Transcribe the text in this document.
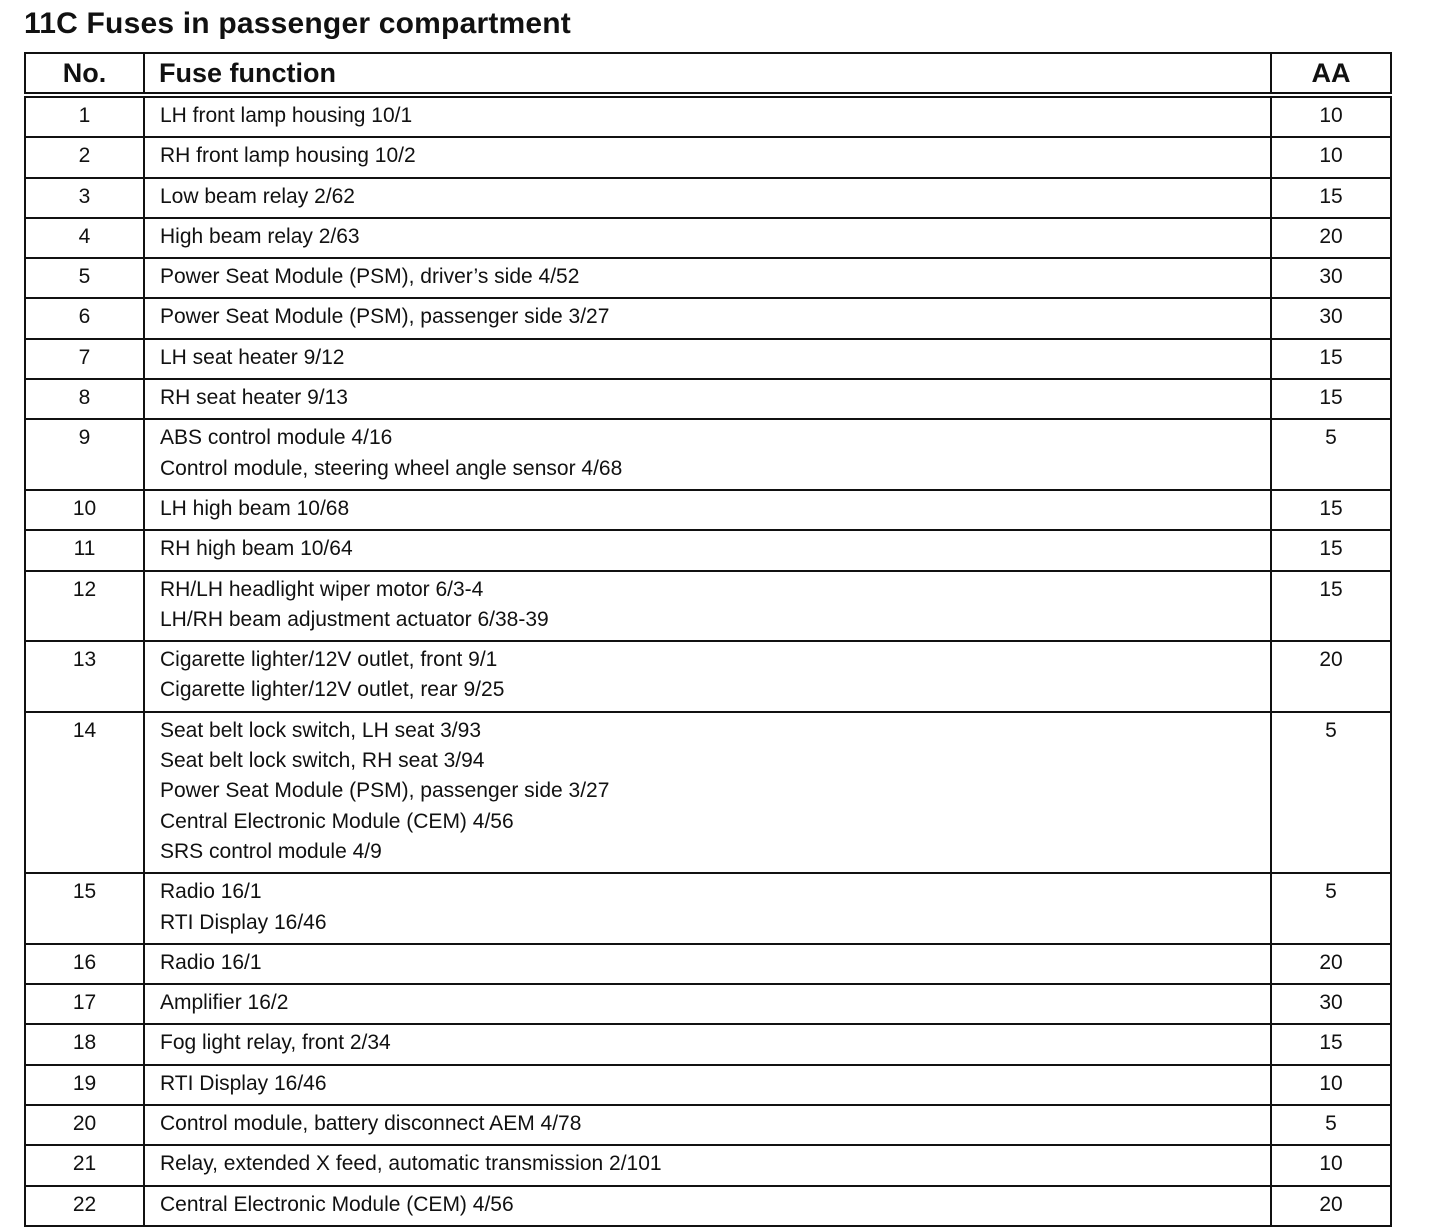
11C Fuses in passenger compartment
No.	Fuse function	AA
1	LH front lamp housing 10/1	10
2	RH front lamp housing 10/2	10
3	Low beam relay 2/62	15
4	High beam relay 2/63	20
5	Power Seat Module (PSM), driver’s side 4/52	30
6	Power Seat Module (PSM), passenger side 3/27	30
7	LH seat heater 9/12	15
8	RH seat heater 9/13	15
9	ABS control module 4/16
Control module, steering wheel angle sensor 4/68	5
10	LH high beam 10/68	15
11	RH high beam 10/64	15
12	RH/LH headlight wiper motor 6/3-4
LH/RH beam adjustment actuator 6/38-39	15
13	Cigarette lighter/12V outlet, front 9/1
Cigarette lighter/12V outlet, rear 9/25	20
14	Seat belt lock switch, LH seat 3/93
Seat belt lock switch, RH seat 3/94
Power Seat Module (PSM), passenger side 3/27
Central Electronic Module (CEM) 4/56
SRS control module 4/9	5
15	Radio 16/1
RTI Display 16/46	5
16	Radio 16/1	20
17	Amplifier 16/2	30
18	Fog light relay, front 2/34	15
19	RTI Display 16/46	10
20	Control module, battery disconnect AEM 4/78	5
21	Relay, extended X feed, automatic transmission 2/101	10
22	Central Electronic Module (CEM) 4/56	20
